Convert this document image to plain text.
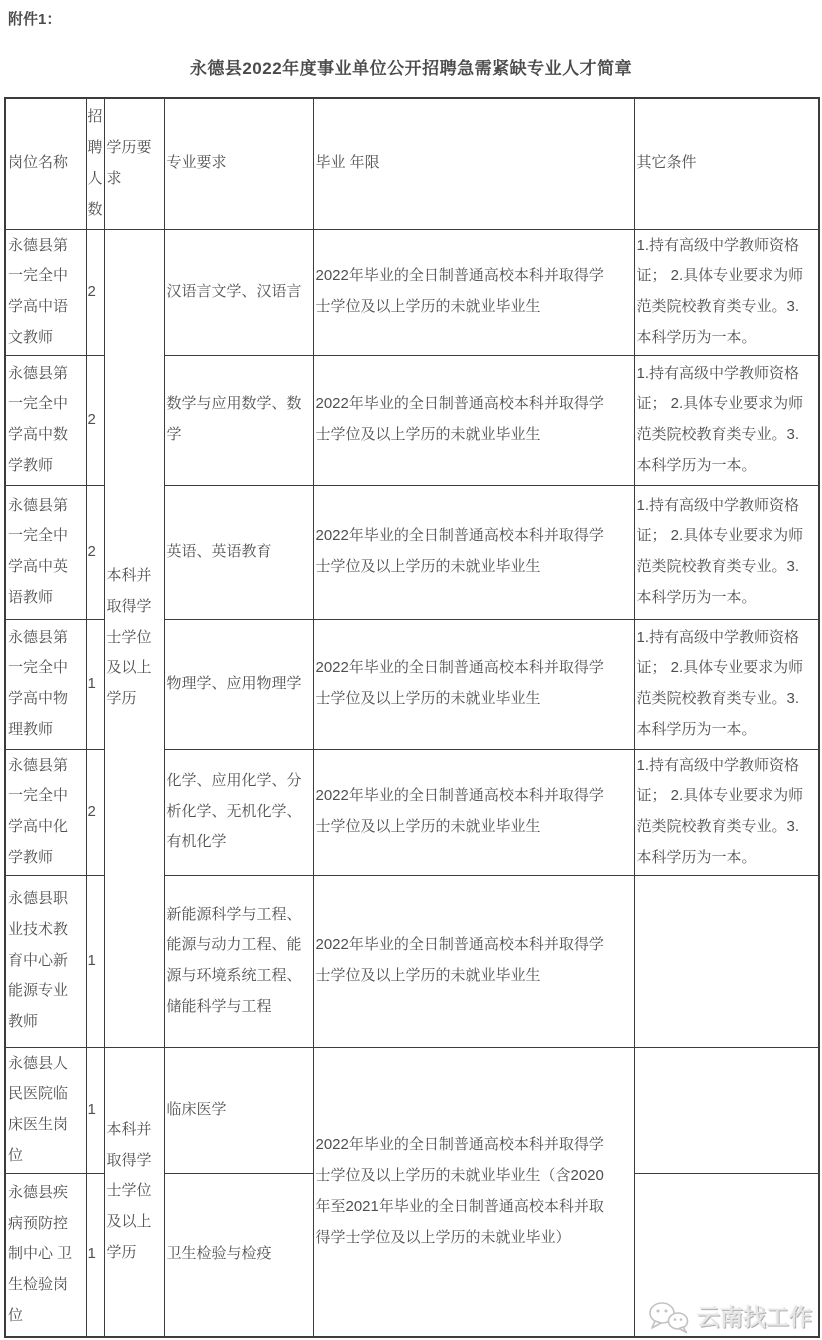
附件1：
永德县2022年度事业单位公开招聘急需紧缺专业人才简章
岗位名称	招聘人数	学历要求	专业要求	毕业 年限	其它条件
永德县第一完全中学高中语文教师	2	本科并取得学士学位及以上学历	汉语言文学、汉语言	2022年毕业的全日制普通高校本科并取得学士学位及以上学历的未就业毕业生	1.持有高级中学教师资格证； 2.具体专业要求为师范类院校教育类专业。3.本科学历为一本。
永德县第一完全中学高中数学教师	2		数学与应用数学、数学	2022年毕业的全日制普通高校本科并取得学士学位及以上学历的未就业毕业生	1.持有高级中学教师资格证； 2.具体专业要求为师范类院校教育类专业。3.本科学历为一本。
永德县第一完全中学高中英语教师	2		英语、英语教育	2022年毕业的全日制普通高校本科并取得学士学位及以上学历的未就业毕业生	1.持有高级中学教师资格证； 2.具体专业要求为师范类院校教育类专业。3.本科学历为一本。
永德县第一完全中学高中物理教师	1		物理学、应用物理学	2022年毕业的全日制普通高校本科并取得学士学位及以上学历的未就业毕业生	1.持有高级中学教师资格证； 2.具体专业要求为师范类院校教育类专业。3.本科学历为一本。
永德县第一完全中学高中化学教师	2		化学、应用化学、分析化学、无机化学、有机化学	2022年毕业的全日制普通高校本科并取得学士学位及以上学历的未就业毕业生	1.持有高级中学教师资格证； 2.具体专业要求为师范类院校教育类专业。3.本科学历为一本。
永德县职业技术教育中心新能源专业教师	1		新能源科学与工程、能源与动力工程、能源与环境系统工程、储能科学与工程	2022年毕业的全日制普通高校本科并取得学士学位及以上学历的未就业毕业生	
永德县人民医院临床医生岗位	1	本科并取得学士学位及以上学历	临床医学	2022年毕业的全日制普通高校本科并取得学士学位及以上学历的未就业毕业生（含2020年至2021年毕业的全日制普通高校本科并取得学士学位及以上学历的未就业毕业）	
永德县疾病预防控制中心 卫生检验岗位	1		卫生检验与检疫		云南找工作
